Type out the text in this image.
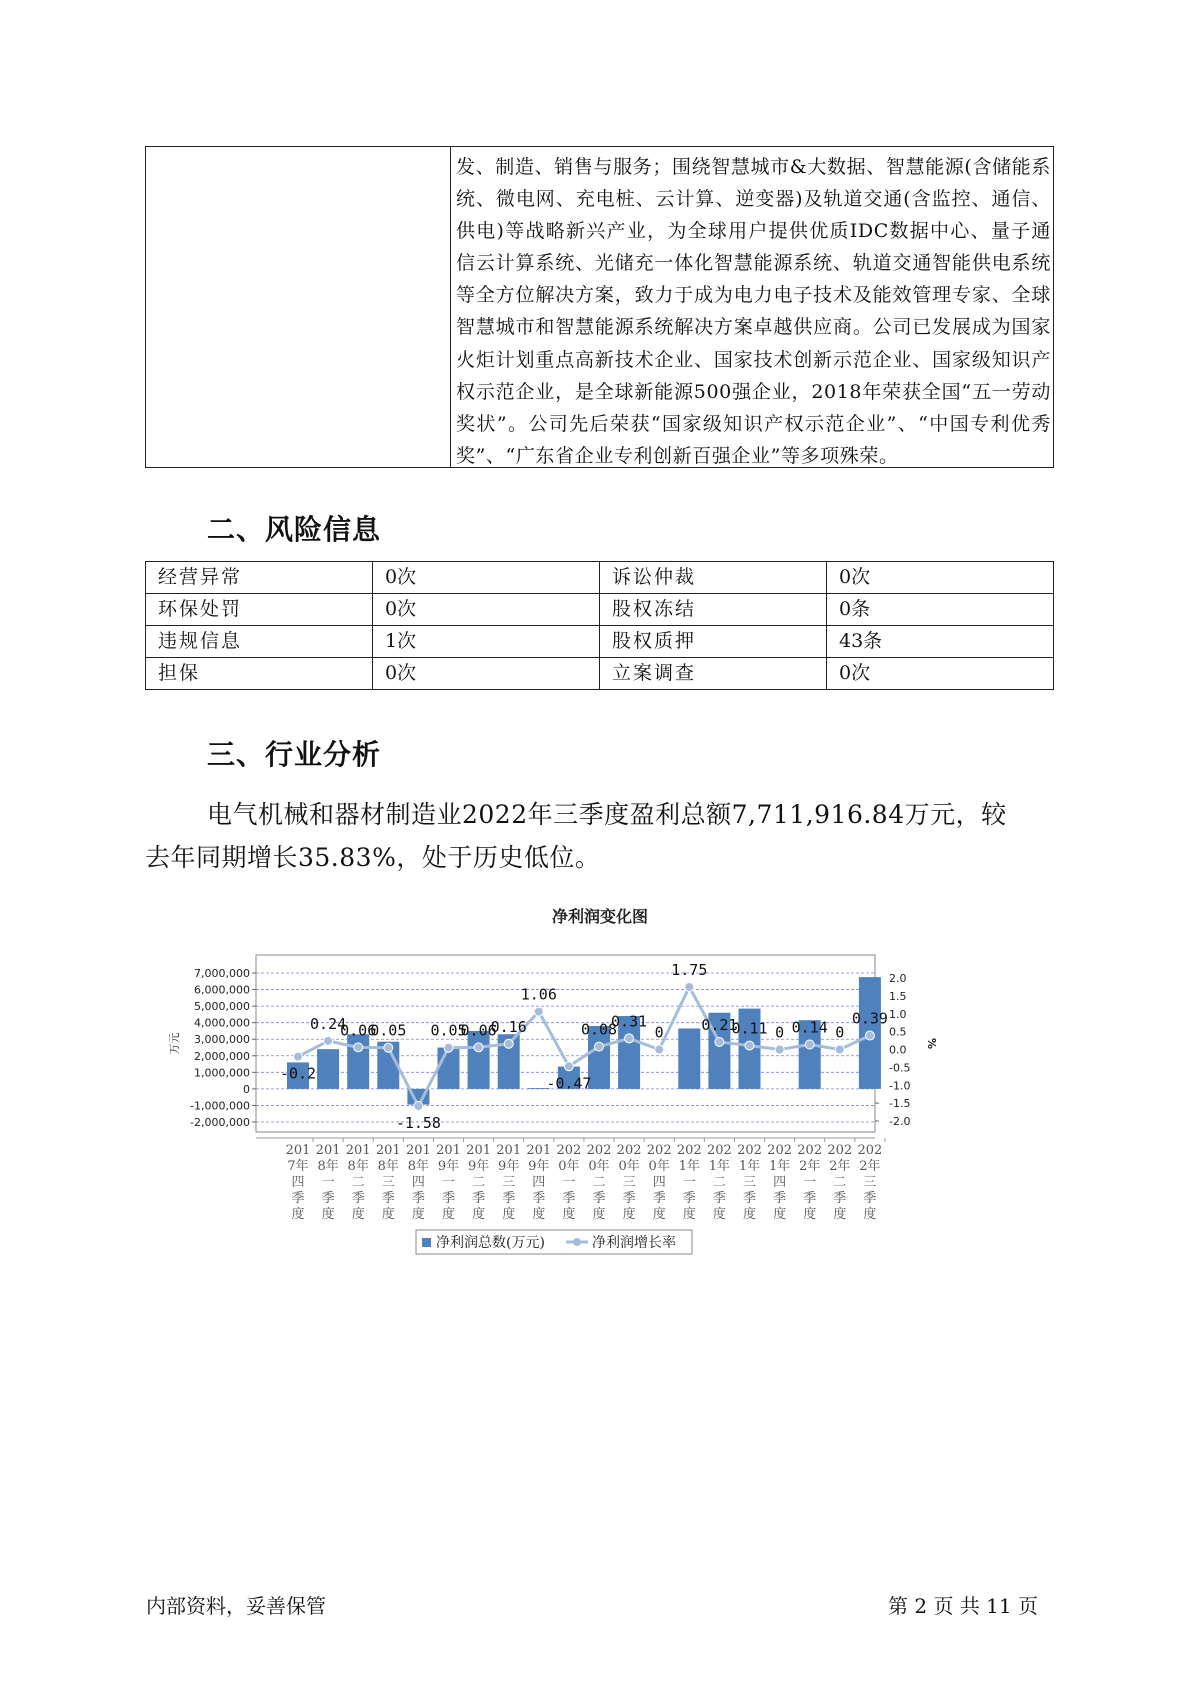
发、制造、销售与服务；围绕智慧城市&大数据、智慧能源(含储能系统、微电网、充电桩、云计算、逆变器)及轨道交通(含监控、通信、供电)等战略新兴产业，为全球用户提供优质IDC数据中心、量子通信云计算系统、光储充一体化智慧能源系统、轨道交通智能供电系统等全方位解决方案，致力于成为电力电子技术及能效管理专家、全球智慧城市和智慧能源系统解决方案卓越供应商。公司已发展成为国家火炬计划重点高新技术企业、国家技术创新示范企业、国家级知识产权示范企业，是全球新能源500强企业，2018年荣获全国“五一劳动奖状”。公司先后荣获“国家级知识产权示范企业”、“中国专利优秀奖”、“广东省企业专利创新百强企业”等多项殊荣。
二、风险信息
经营异常	0次	诉讼仲裁	0次
环保处罚	0次	股权冻结	0条
违规信息	1次	股权质押	43条
担保	0次	立案调查	0次
三、行业分析
电气机械和器材制造业2022年三季度盈利总额7,711,916.84万元，较
去年同期增长35.83%，处于历史低位。
净利润变化图
7,000,000
6,000,000
5,000,000
4,000,000
3,000,000
2,000,000
1,000,000
0
-1,000,000
-2,000,000
2.0
1.5
1.0
0.5
0.0
-0.5
-1.0
-1.5
-2.0
万元	%
-0.2
0.24
0.06
0.05
-1.58
0.05
0.06
0.16
1.06
-0.47
0.08
0.31
0
1.75
0.21
0.11 0 0.14 0
0.39
201
7年
四
季
度
201
8年
一
季
度
201
8年
二
季
度
201
8年
三
季
度
201
8年
四
季
度
201
9年
一
季
度
201
9年
二
季
度
201
9年
三
季
度
201
9年
四
季
度
202
0年
一
季
度
202
0年
二
季
度
202
0年
三
季
度
202
0年
四
季
度
202
1年
一
季
度
202
1年
二
季
度
202
1年
三
季
度
202
1年
四
季
度
202
2年
一
季
度
202
2年
二
季
度
202
2年
三
季
度
净利润总数(万元)	净利润增长率
内部资料，妥善保管	第 2 页 共 11 页
